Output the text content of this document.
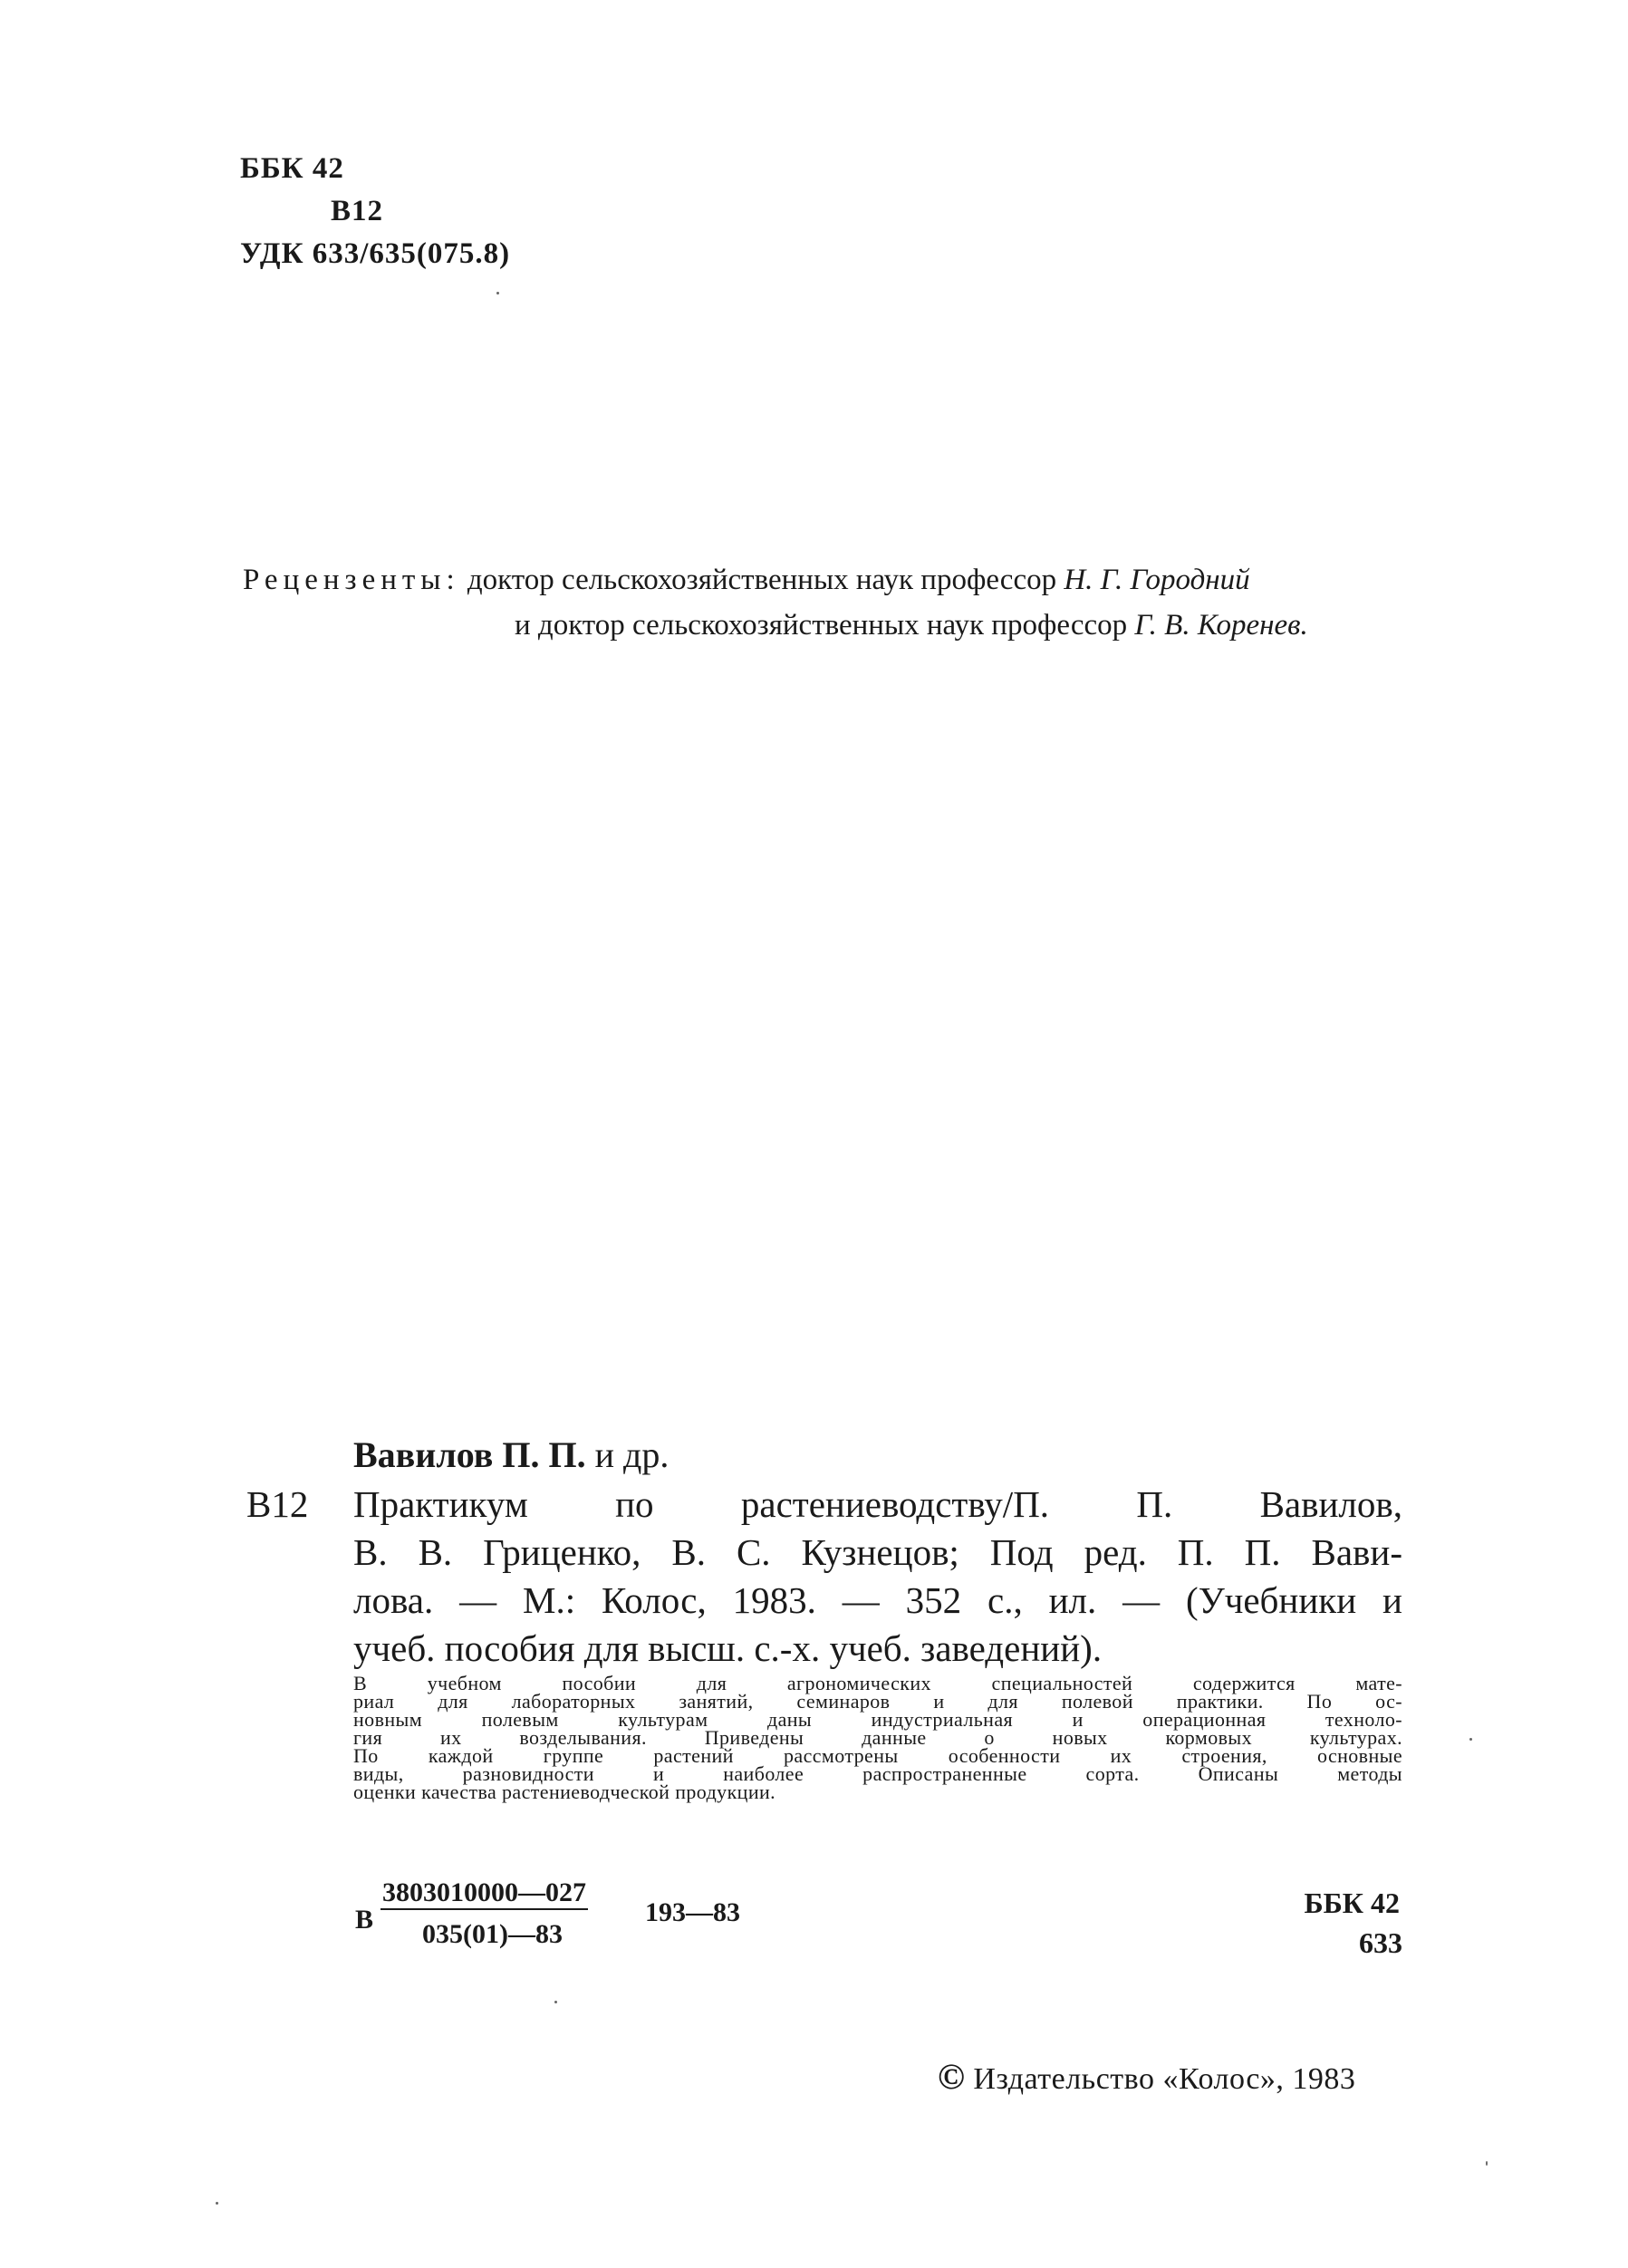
ББК 42
В12
УДК 633/635(075.8)
Рецензенты: доктор сельскохозяйственных наук профессор Н. Г. Городний
и доктор сельскохозяйственных наук профессор Г. В. Коренев.
Вавилов П. П. и др.
В12 Практикум по растениеводству/П. П. Вавилов,
В. В. Гриценко, В. С. Кузнецов; Под ред. П. П. Вави-
лова. — М.: Колос, 1983. — 352 с., ил. — (Учебники и
учеб. пособия для высш. с.-х. учеб. заведений).
В учебном пособии для агрономических специальностей содержится мате-
риал для лабораторных занятий, семинаров и для полевой практики. По ос-
новным полевым культурам даны индустриальная и операционная техноло-
гия их возделывания. Приведены данные о новых кормовых культурах.
По каждой группе растений рассмотрены особенности их строения, основные
виды, разновидности и наиболее распространенные сорта. Описаны методы
оценки качества растениеводческой продукции.
В $\frac{3803010000—027}{035(01)—83}$ 193—83	ББК 42
633
© Издательство «Колос», 1983
